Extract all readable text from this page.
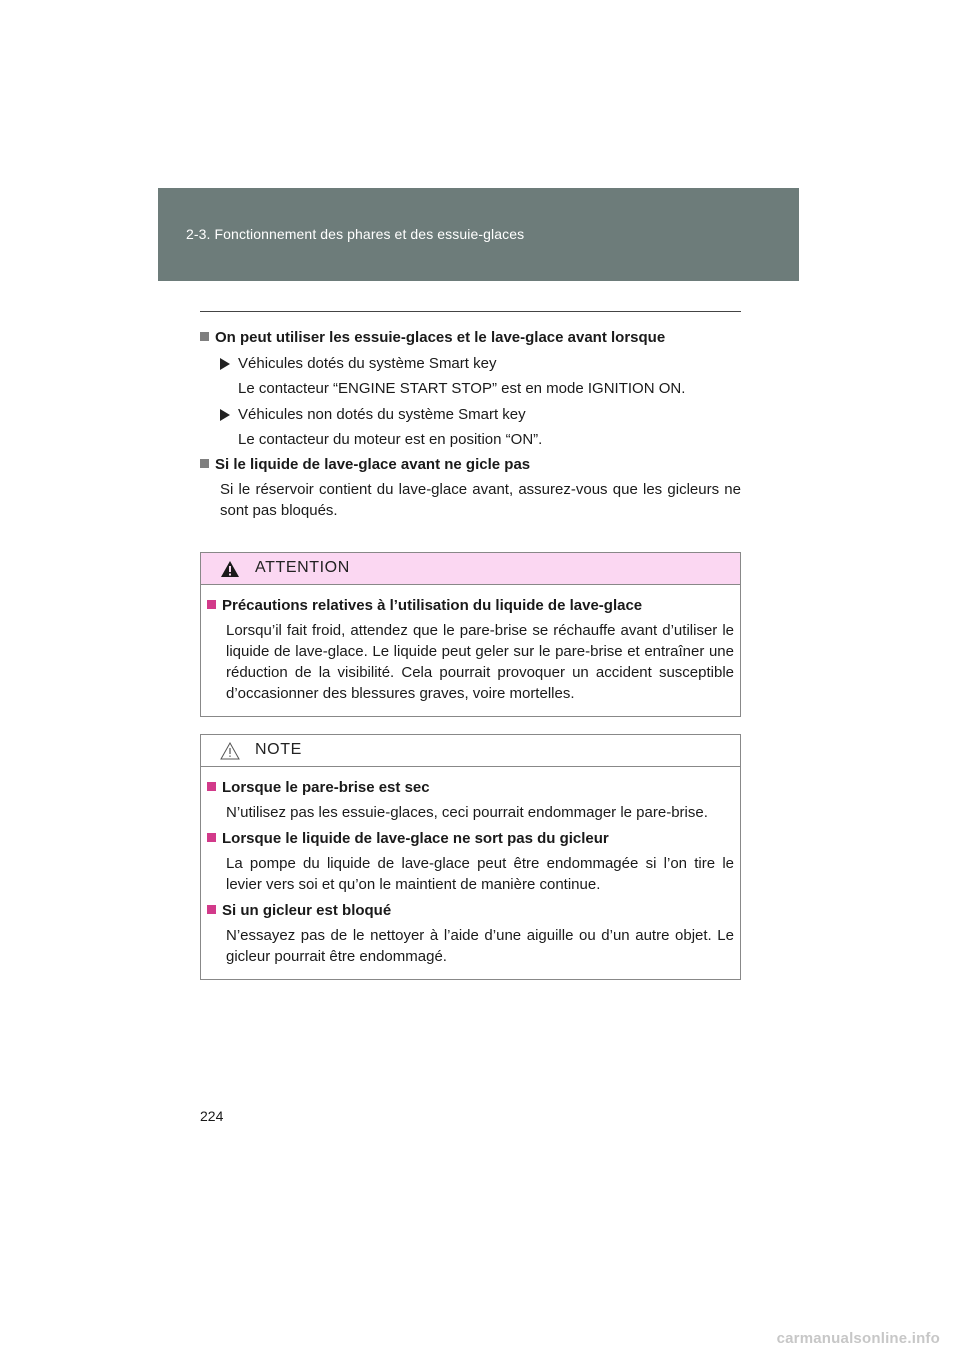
2-3. Fonctionnement des phares et des essuie-glaces
On peut utiliser les essuie-glaces et le lave-glace avant lorsque
Véhicules dotés du système Smart key
Le contacteur “ENGINE START STOP” est en mode IGNITION ON.
Véhicules non dotés du système Smart key
Le contacteur du moteur est en position “ON”.
Si le liquide de lave-glace avant ne gicle pas
Si le réservoir contient du lave-glace avant, assurez-vous que les gicleurs ne sont pas bloqués.
ATTENTION
Précautions relatives à l’utilisation du liquide de lave-glace
Lorsqu’il fait froid, attendez que le pare-brise se réchauffe avant d’utiliser le liquide de lave-glace. Le liquide peut geler sur le pare-brise et entraîner une réduction de la visibilité. Cela pourrait provoquer un accident susceptible d’occasionner des blessures graves, voire mortelles.
NOTE
Lorsque le pare-brise est sec
N’utilisez pas les essuie-glaces, ceci pourrait endommager le pare-brise.
Lorsque le liquide de lave-glace ne sort pas du gicleur
La pompe du liquide de lave-glace peut être endommagée si l’on tire le levier vers soi et qu’on le maintient de manière continue.
Si un gicleur est bloqué
N’essayez pas de le nettoyer à l’aide d’une aiguille ou d’un autre objet. Le gicleur pourrait être endommagé.
224
carmanualsonline.info
